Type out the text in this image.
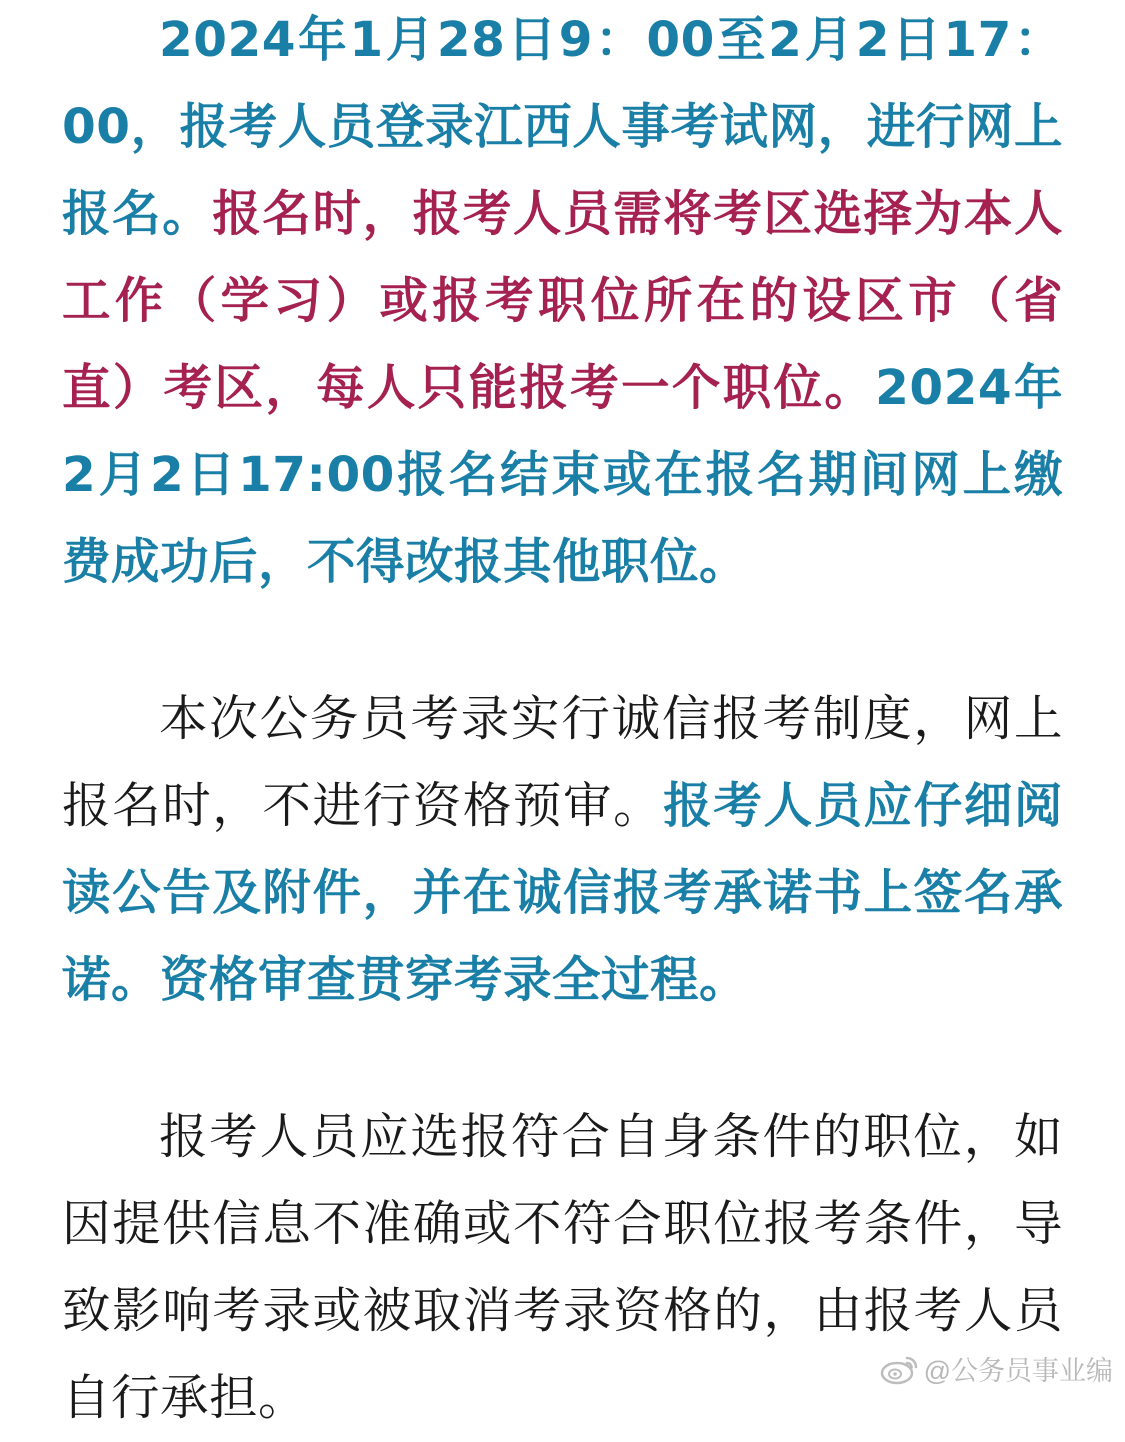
2024年1月28日9：00至2月2日17：00，报考人员登录江西人事考试网，进行网上报名。报名时，报考人员需将考区选择为本人工作（学习）或报考职位所在的设区市（省直）考区，每人只能报考一个职位。2024年2月2日17:00报名结束或在报名期间网上缴费成功后，不得改报其他职位。

本次公务员考录实行诚信报考制度，网上报名时，不进行资格预审。报考人员应仔细阅读公告及附件，并在诚信报考承诺书上签名承诺。资格审查贯穿考录全过程。

报考人员应选报符合自身条件的职位，如因提供信息不准确或不符合职位报考条件，导致影响考录或被取消考录资格的，由报考人员自行承担。	@公务员事业编
